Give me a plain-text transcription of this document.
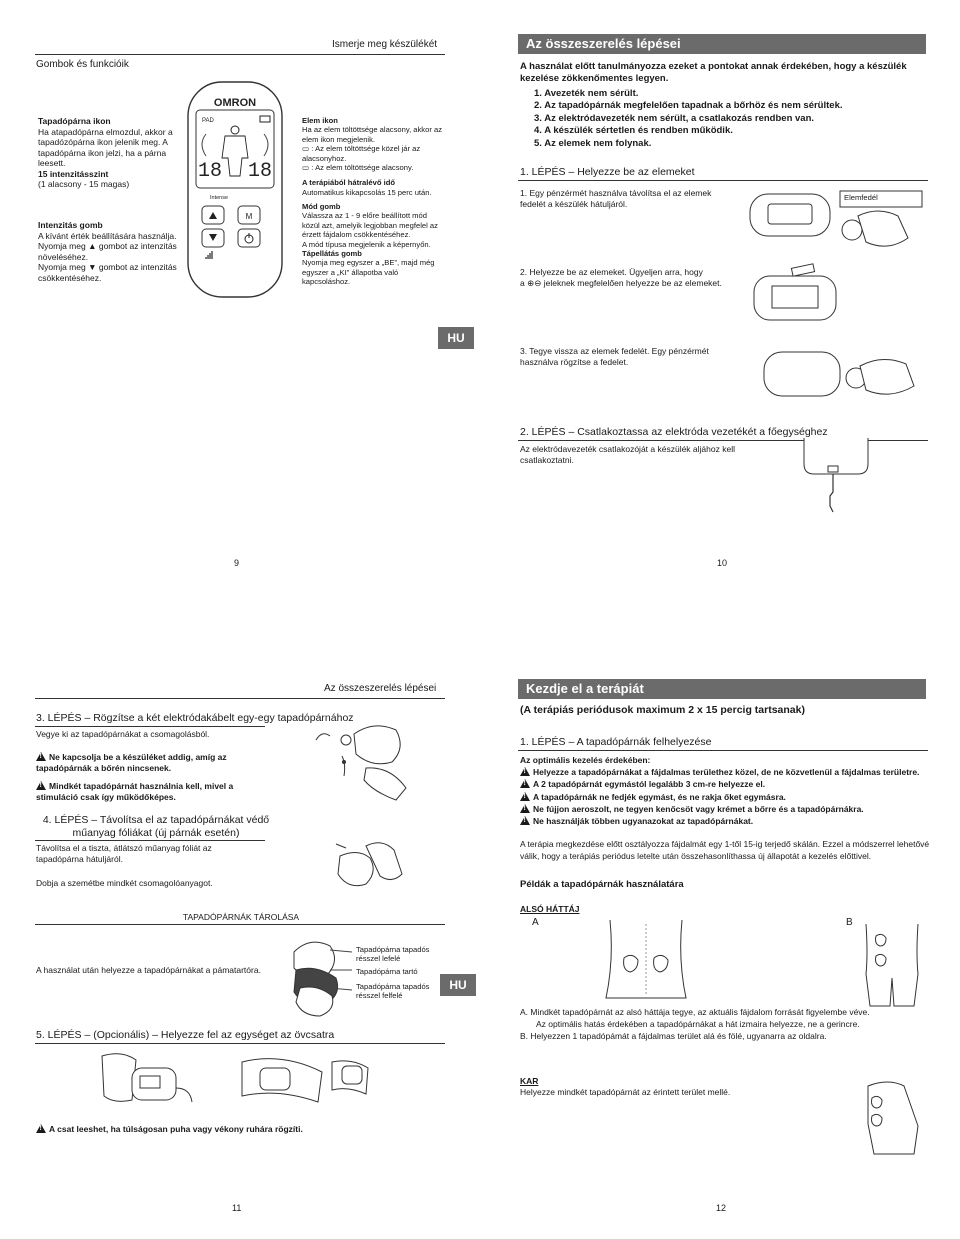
Ismerje meg készülékét
Gombok és funkcióik
Tapadópárna ikon
Ha atapadópárna elmozdul, akkor a tapadózópárna ikon jelenik meg. A tapadópárna ikon jelzi, ha a párna leesett.
15 intenzitásszint
(1 alacsony - 15 magas)
Intenzitás gomb
A kívánt érték beállítására használja.
Nyomja meg ▲ gombot az intenzitás növeléséhez.
Nyomja meg ▼ gombot az intenzitás csökkentéséhez.
OMRON
PAD
18 18
Intense
M
Elem ikon
Ha az elem töltöttsége alacsony, akkor az elem ikon megjelenik.
▭ : Az elem töltöttsége közel jár az alacsonyhoz.
▭ : Az elem töltöttsége alacsony.
A terápiából hátralévő idő
Automatikus kikapcsolás 15 perc után.
Mód gomb
Válassza az 1 - 9 előre beállított mód közül azt, amelyik legjobban megfelel az érzett fájdalom csökkentéséhez.
A mód típusa megjelenik a képernyőn.
Tápellátás gomb
Nyomja meg egyszer a „BE”, majd még egyszer a „KI” állapotba való kapcsoláshoz.
9
Az összeszerelés lépései
A használat előtt tanulmányozza ezeket a pontokat annak érdekében, hogy a készülék kezelése zökkenőmentes legyen.
1. Avezeték nem sérült.
2. Az tapadópárnák megfelelően tapadnak a bőrhöz és nem sérültek.
3. Az elektródavezeték nem sérült, a csatlakozás rendben van.
4. A készülék sértetlen és rendben működik.
5. Az elemek nem folynak.
1. LÉPÉS – Helyezze be az elemeket
1. Egy pénzérmét használva távolítsa el az elemek fedelét a készülék hátuljáról.
Elemfedél
2. Helyezze be az elemeket. Ügyeljen arra, hogy
a ⊕⊖ jeleknek megfelelően helyezze be az elemeket.
HU
3. Tegye vissza az elemek fedelét. Egy pénzérmét használva rögzítse a fedelet.
2. LÉPÉS – Csatlakoztassa az elektróda vezetékét a főegységhez
Az elektródavezeték csatlakozóját a készülék aljához kell csatlakoztatni.
10
Az összeszerelés lépései
3. LÉPÉS – Rögzítse a két elektródakábelt egy-egy tapadópárnához
Vegye ki az tapadópárnákat a csomagolásból.
!Ne kapcsolja be a készüléket addig, amíg az tapadópárnák a bőrén nincsenek.
!Mindkét tapadópárnát használnia kell, mivel a stimuláció csak így működőképes.
4. LÉPÉS – Távolítsa el az tapadópárnákat védő műanyag fóliákat (új párnák esetén)
Távolítsa el a tiszta, átlátszó műanyag fóliát az tapadópárna hátuljáról.
Dobja a szemétbe mindkét csomagolóanyagot.
TAPADÓPÁRNÁK TÁROLÁSA
A használat után helyezze a tapadópárnákat a pámatartóra.
Tapadópárna tapadós résszel lefelé
Tapadópárna tartó
Tapadópárna tapadós résszel felfelé
HU
5. LÉPÉS – (Opcionális) – Helyezze fel az egységet az övcsatra
!A csat leeshet, ha túlságosan puha vagy vékony ruhára rögzíti.
11
Kezdje el a terápiát
(A terápiás periódusok maximum 2 x 15 percig tartsanak)
1. LÉPÉS – A tapadópárnák felhelyezése
Az optimális kezelés érdekében:
!Helyezze a tapadópárnákat a fájdalmas területhez közel, de ne közvetlenül a fájdalmas területre.
!A 2 tapadópárnát egymástól legalább 3 cm-re helyezze el.
!A tapadópárnák ne fedjék egymást, és ne rakja őket egymásra.
!Ne fújjon aeroszolt, ne tegyen kenőcsöt vagy krémet a bőrre és a tapadópárnákra.
!Ne használják többen ugyanazokat az tapadópárnákat.
A terápia megkezdése előtt osztályozza fájdalmát egy 1-től 15-ig terjedő skálán. Ezzel a módszerrel lehetővé válik, hogy a terápiás periódus letelte után összehasonlíthassa új állapotát a kezelés előttivel.
Példák a tapadópárnák használatára
ALSÓ HÁTTÁJ
A	B
A. Mindkét tapadópárnát az alsó háttája tegye, az aktuális fájdalom forrását figyelembe véve.
Az optimális hatás érdekében a tapadópárnákat a hát izmaira helyezze, ne a gerincre.
B. Helyezzen 1 tapadópámát a fájdalmas terület alá és fölé, ugyanarra az oldalra.
KAR
Helyezze mindkét tapadópárnát az érintett terület mellé.
12
